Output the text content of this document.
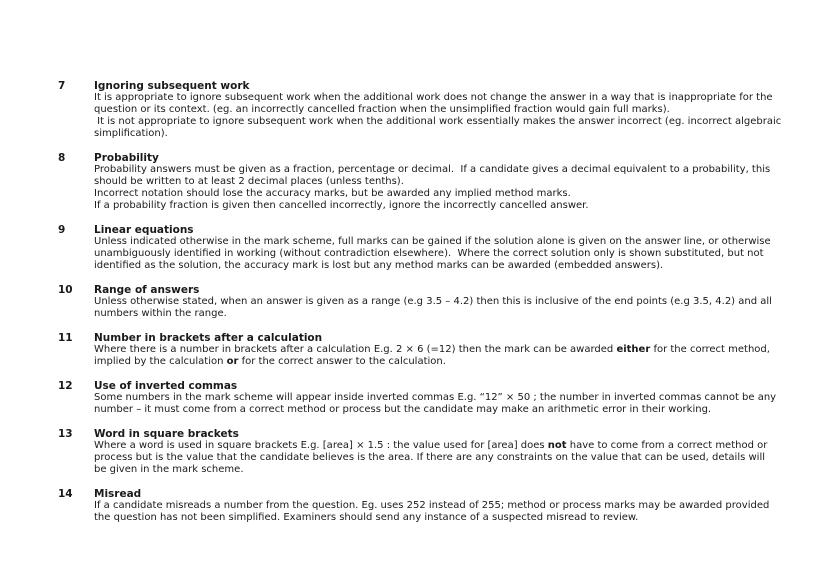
7	Ignoring subsequent work
It is appropriate to ignore subsequent work when the additional work does not change the answer in a way that is inappropriate for the
question or its context. (eg. an incorrectly cancelled fraction when the unsimplified fraction would gain full marks).
It is not appropriate to ignore subsequent work when the additional work essentially makes the answer incorrect (eg. incorrect algebraic
simplification).
8	Probability
Probability answers must be given as a fraction, percentage or decimal.  If a candidate gives a decimal equivalent to a probability, this
should be written to at least 2 decimal places (unless tenths).
Incorrect notation should lose the accuracy marks, but be awarded any implied method marks.
If a probability fraction is given then cancelled incorrectly, ignore the incorrectly cancelled answer.
9	Linear equations
Unless indicated otherwise in the mark scheme, full marks can be gained if the solution alone is given on the answer line, or otherwise
unambiguously identified in working (without contradiction elsewhere).  Where the correct solution only is shown substituted, but not
identified as the solution, the accuracy mark is lost but any method marks can be awarded (embedded answers).
10 Range of answers
Unless otherwise stated, when an answer is given as a range (e.g 3.5 – 4.2) then this is inclusive of the end points (e.g 3.5, 4.2) and all
numbers within the range.
11 Number in brackets after a calculation
Where there is a number in brackets after a calculation E.g. 2 × 6 (=12) then the mark can be awarded either for the correct method,
implied by the calculation or for the correct answer to the calculation.
12 Use of inverted commas
Some numbers in the mark scheme will appear inside inverted commas E.g. “12” × 50 ; the number in inverted commas cannot be any
number – it must come from a correct method or process but the candidate may make an arithmetic error in their working.
13 Word in square brackets
Where a word is used in square brackets E.g. [area] × 1.5 : the value used for [area] does not have to come from a correct method or
process but is the value that the candidate believes is the area. If there are any constraints on the value that can be used, details will
be given in the mark scheme.
14 Misread
If a candidate misreads a number from the question. Eg. uses 252 instead of 255; method or process marks may be awarded provided
the question has not been simplified. Examiners should send any instance of a suspected misread to review.
